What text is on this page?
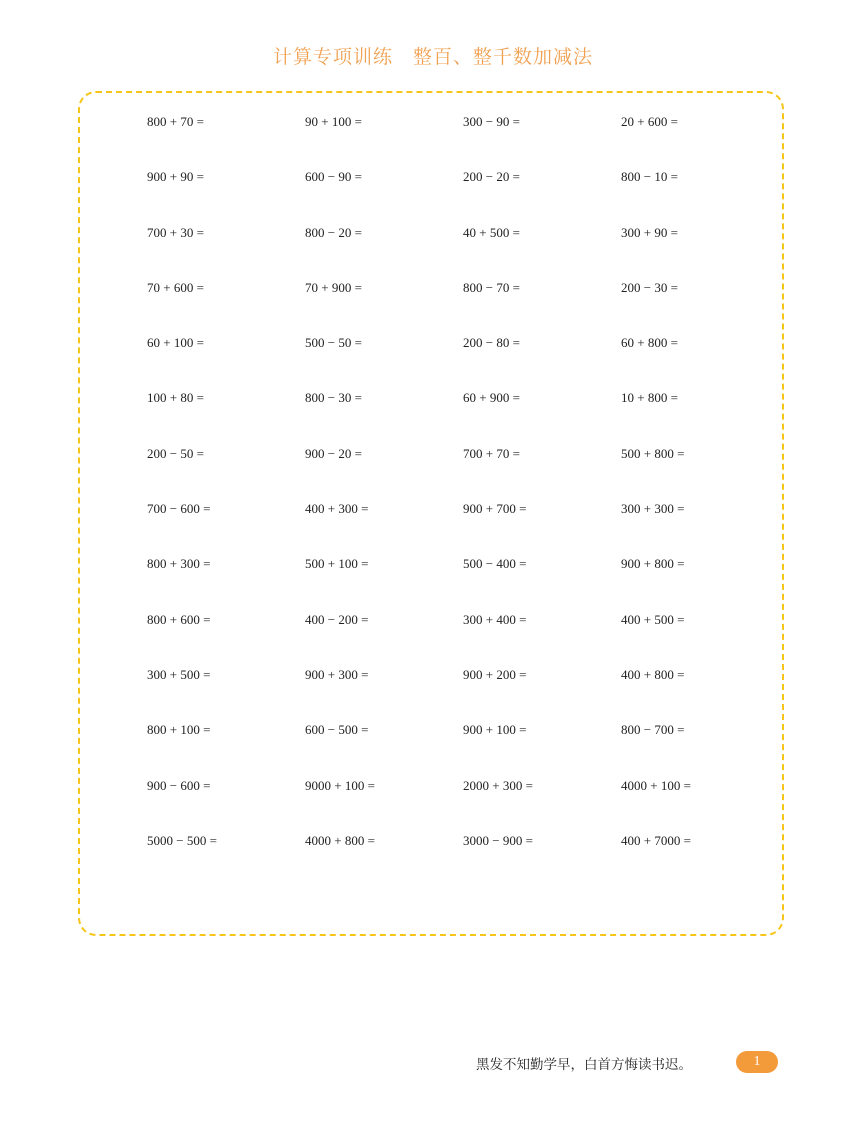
计算专项训练　整百、整千数加减法
800 + 70 =	90 + 100 =	300 − 90 =	20 + 600 =
900 + 90 =	600 − 90 =	200 − 20 =	800 − 10 =
700 + 30 =	800 − 20 =	40 + 500 =	300 + 90 =
70 + 600 =	70 + 900 =	800 − 70 =	200 − 30 =
60 + 100 =	500 − 50 =	200 − 80 =	60 + 800 =
100 + 80 =	800 − 30 =	60 + 900 =	10 + 800 =
200 − 50 =	900 − 20 =	700 + 70 =	500 + 800 =
700 − 600 =	400 + 300 =	900 + 700 =	300 + 300 =
800 + 300 =	500 + 100 =	500 − 400 =	900 + 800 =
800 + 600 =	400 − 200 =	300 + 400 =	400 + 500 =
300 + 500 =	900 + 300 =	900 + 200 =	400 + 800 =
800 + 100 =	600 − 500 =	900 + 100 =	800 − 700 =
900 − 600 =	9000 + 100 =	2000 + 300 =	4000 + 100 =
5000 − 500 =	4000 + 800 =	3000 − 900 =	400 + 7000 =
黑发不知勤学早，白首方悔读书迟。	1
